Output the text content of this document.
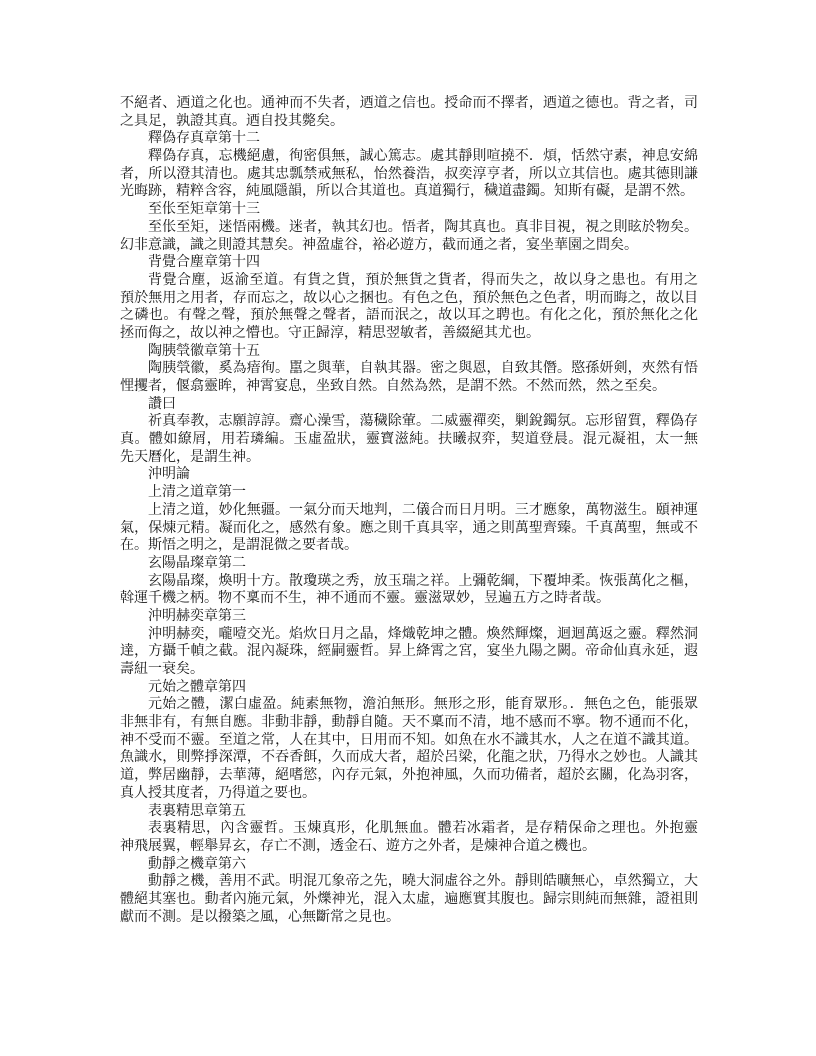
不絕者、迺道之化也。通神而不失者，迺道之信也。授命而不擇者，迺道之德也。背之者，司
之具足，孰證其真。迺自投其斃矣。
釋偽存真章第十二
釋偽存真，忘機絕慮，徇密俱無，誠心篤志。處其靜則喧撓不．煩，恬然守素，神息安綿
者，所以澄其清也。處其忠瓢禁戒無私，怡然養浩，叔奕淳亨者，所以立其信也。處其德則謙
光晦跡，精粹含容，純風隱韻，所以合其道也。真道獨行，穢道盡鐲。知斯有礙，是謂不然。
至伥至矩章第十三
至伥至矩，迷悟兩機。迷者，執其幻也。悟者，陶其真也。真非目視，視之則眩於物矣。
幻非意識，識之則證其慧矣。神盈虛谷，裕必遊方，截而通之者，宴坐華園之問矣。
背覺合塵章第十四
背覺合塵，返渝至道。有貨之貨，預於無貨之貨者，得而失之，故以身之患也。有用之
預於無用之用者，存而忘之，故以心之捆也。有色之色，預於無色之色者，明而晦之，故以目
之磷也。有聲之聲，預於無聲之聲者，語而泯之，故以耳之聘也。有化之化，預於無化之化
拯而侮之，故以神之懵也。守正歸淳，精思翌敏者，善綴絕其尤也。
陶胰煢徽章第十五
陶胰煢徽，奚為瘖徇。嚚之與華，自執其器。密之與恩，自致其僭。愍孫妍剣，夾然有悟
悝攫者，偃翕靈眸，神霄宴息，坐致自然。自然為然，是謂不然。不然而然，然之至矣。
讚曰
祈真奉教，志願諄諄。齋心澡雪，蕩穢除葷。二威靈禪奕，剿銳鐲氛。忘形留質，釋偽存
真。體如繚屑，用若璘編。玉虛盈狀，靈寶滋純。扶曦叔弈，契道登晨。混元凝祖，太一無
先天曆化，是謂生神。
沖明論
上清之道章第一
上清之道，妙化無疆。一氣分而天地判，二儀合而日月明。三才應象，萬物滋生。頤神運
氣，保煉元精。凝而化之，感然有象。應之則千真具宰，通之則萬聖齊臻。千真萬聖，無或不
在。斯悟之明之，是謂混微之要者哉。
玄陽晶璨章第二
玄陽晶璨，煥明十方。散瓊瑛之秀，放玉瑞之祥。上彌乾綱，下覆坤柔。恢張萬化之樞，
斡運千機之柄。物不稟而不生，神不通而不靈。靈滋眾妙，昱遍五方之時者哉。
沖明赫奕章第三
沖明赫奕，嚨噎交光。焰炊日月之晶，烽熾乾坤之體。煥然輝燦，迴迴萬返之靈。釋然洞
達，方攝千幀之截。混內凝珠，經嗣靈哲。昇上絳霄之宮，宴坐九陽之闕。帝命仙真永延，遐
壽紐一衰矣。
元始之體章第四
元始之體，潔白虛盈。純素無物，澹泊無形。無形之形，能育眾形。．無色之色，能張眾
非無非有，有無自應。非動非靜，動靜自隨。天不稟而不清，地不感而不寧。物不通而不化，
神不受而不靈。至道之常，人在其中，日用而不知。如魚在水不識其水，人之在道不識其道。
魚識水，則弊掙深潭，不吞香餌，久而成大者，超於呂梁，化龍之狀，乃得水之妙也。人識其
道，弊居幽靜，去華薄，絕嗜慾，內存元氣，外抱神風，久而功備者，超於玄關，化為羽客，
真人授其度者，乃得道之要也。
表裏精思章第五
表裏精思，內含靈哲。玉煉真形，化肌無血。體若冰霜者，是存精保命之理也。外抱靈
神飛展翼，輕舉昇玄，存亡不測，透金石、遊方之外者，是煉神合道之機也。
動靜之機章第六
動靜之機，善用不武。明混兀象帝之先，曉大洞虛谷之外。靜則皓曠無心，卓然獨立，大
體絕其塞也。動者內施元氣，外爍神光，混入太虛，遍應實其腹也。歸宗則純而無雜，證祖則
獻而不測。是以撥築之風，心無斷常之見也。
